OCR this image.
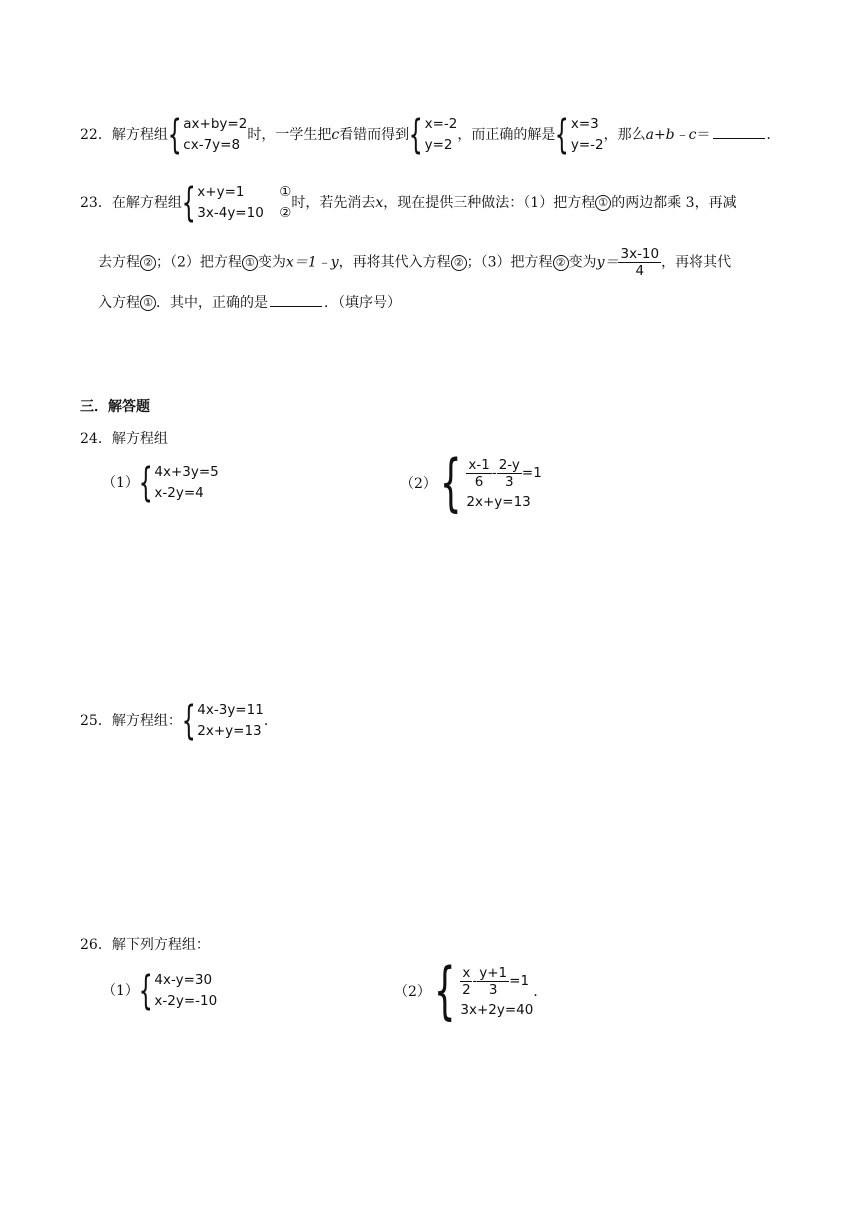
22．解方程组 { ax+by=2
cx-7y=8
时，一学生把c看错而得到 { x=-2
y=2
，而正确的解是 { x=3
y=-2
，那么a+b﹣c＝	．
23．在解方程组 { x+y=1	①
3x-4y=10	②
时，若先消去x，现在提供三种做法：（1）把方程 ① 的两边都乘 3，再减
去方程 ② ；（2）把方程 ① 变为x＝1﹣y，再将其代入方程 ② ；（3）把方程 ② 变为$y= \frac{3x-10}{4}$ ，再将其代
入方程 ① ．其中，正确的是	．（填序号）
三．解答题
24．解方程组
（1） { 4x+3y=5
x-2y=4
（2） { $\frac{x-1}{6} - \frac{2-y}{3} =1$
2x+y=13
25．解方程组： { 4x-3y=11
2x+y=13
．
26．解下列方程组：
（1） { 4x-y=30
x-2y=-10
（2） { $\frac{x}{2} - \frac{y+1}{3} =1$
3x+2y=40
．
